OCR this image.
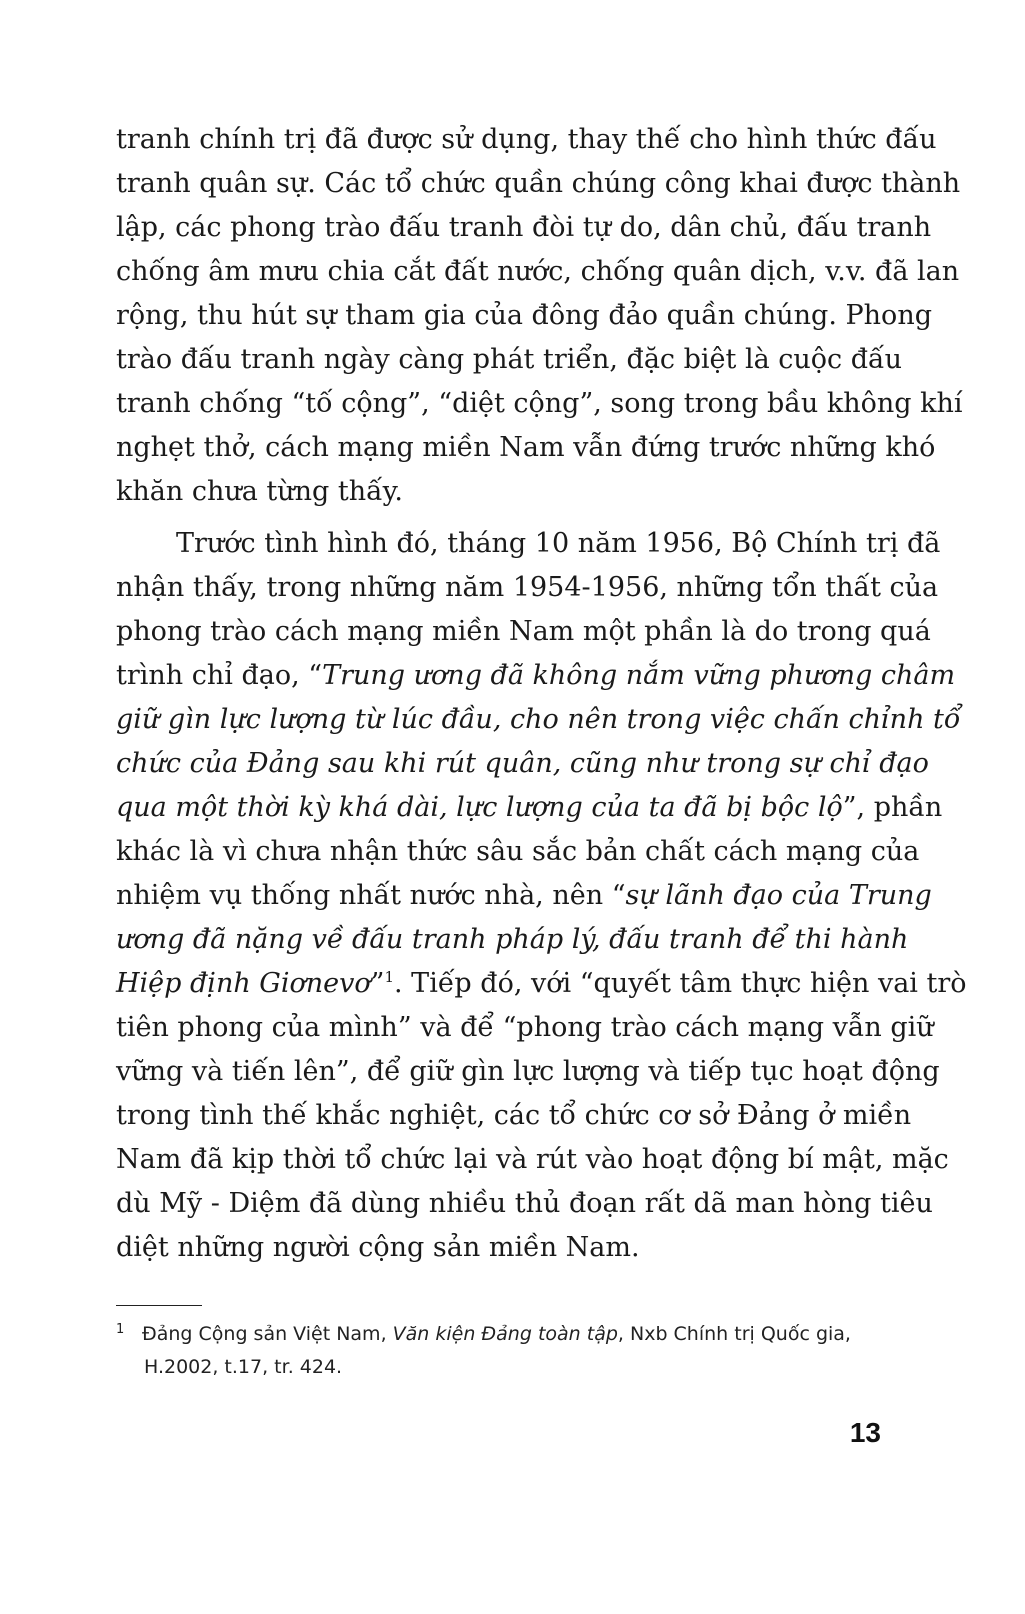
tranh chính trị đã được sử dụng, thay thế cho hình thức đấu
tranh quân sự. Các tổ chức quần chúng công khai được thành
lập, các phong trào đấu tranh đòi tự do, dân chủ, đấu tranh
chống âm mưu chia cắt đất nước, chống quân dịch, v.v. đã lan
rộng, thu hút sự tham gia của đông đảo quần chúng. Phong
trào đấu tranh ngày càng phát triển, đặc biệt là cuộc đấu
tranh chống “tố cộng”, “diệt cộng”, song trong bầu không khí
nghẹt thở, cách mạng miền Nam vẫn đứng trước những khó
khăn chưa từng thấy.
Trước tình hình đó, tháng 10 năm 1956, Bộ Chính trị đã
nhận thấy, trong những năm 1954-1956, những tổn thất của
phong trào cách mạng miền Nam một phần là do trong quá
trình chỉ đạo, “Trung ương đã không nắm vững phương châm
giữ gìn lực lượng từ lúc đầu, cho nên trong việc chấn chỉnh tổ
chức của Đảng sau khi rút quân, cũng như trong sự chỉ đạo
qua một thời kỳ khá dài, lực lượng của ta đã bị bộc lộ”, phần
khác là vì chưa nhận thức sâu sắc bản chất cách mạng của
nhiệm vụ thống nhất nước nhà, nên “sự lãnh đạo của Trung
ương đã nặng về đấu tranh pháp lý, đấu tranh để thi hành
Hiệp định Giơnevơ”$^1$. Tiếp đó, với “quyết tâm thực hiện vai trò
tiên phong của mình” và để “phong trào cách mạng vẫn giữ
vững và tiến lên”, để giữ gìn lực lượng và tiếp tục hoạt động
trong tình thế khắc nghiệt, các tổ chức cơ sở Đảng ở miền
Nam đã kịp thời tổ chức lại và rút vào hoạt động bí mật, mặc
dù Mỹ - Diệm đã dùng nhiều thủ đoạn rất dã man hòng tiêu
diệt những người cộng sản miền Nam.
1 Đảng Cộng sản Việt Nam, Văn kiện Đảng toàn tập, Nxb Chính trị Quốc gia,
H.2002, t.17, tr. 424.
13
